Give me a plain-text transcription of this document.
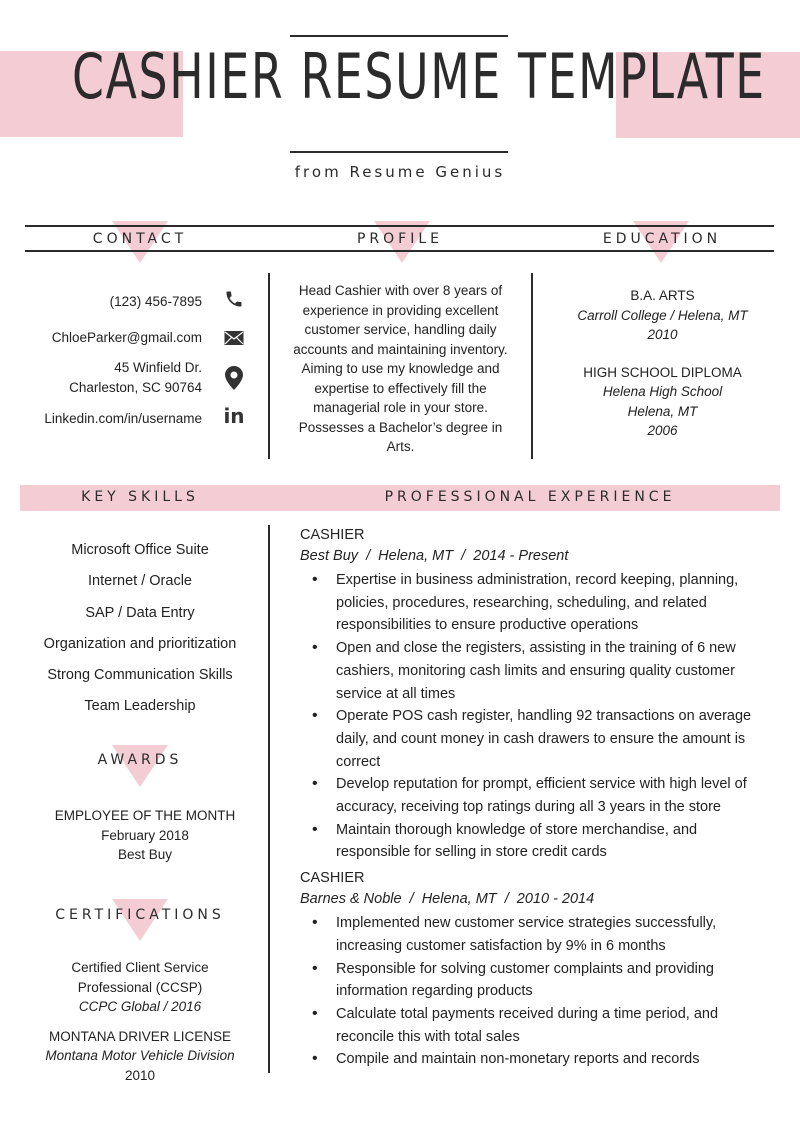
CASHIER RESUME TEMPLATE
from Resume Genius
CONTACT	PROFILE	EDUCATION
(123) 456-7895
ChloeParker@gmail.com
45 Winfield Dr.
Charleston, SC 90764
Linkedin.com/in/username in
Head Cashier with over 8 years of
experience in providing excellent
customer service, handling daily
accounts and maintaining inventory.
Aiming to use my knowledge and
expertise to effectively fill the
managerial role in your store.
Possesses a Bachelor’s degree in
Arts.
B.A. ARTS
Carroll College / Helena, MT
2010
HIGH SCHOOL DIPLOMA
Helena High School
Helena, MT
2006
KEY SKILLS	PROFESSIONAL EXPERIENCE
Microsoft Office Suite
Internet / Oracle
SAP / Data Entry
Organization and prioritization
Strong Communication Skills
Team Leadership
AWARDS
EMPLOYEE OF THE MONTH
February 2018
Best Buy
CERTIFICATIONS
Certified Client Service
Professional (CCSP)
CCPC Global / 2016
MONTANA DRIVER LICENSE
Montana Motor Vehicle Division
2010
CASHIER
Best Buy  /  Helena, MT  /  2014 - Present
• Expertise in business administration, record keeping, planning, policies, procedures, researching, scheduling, and related responsibilities to ensure productive operations
• Open and close the registers, assisting in the training of 6 new cashiers, monitoring cash limits and ensuring quality customer service at all times
• Operate POS cash register, handling 92 transactions on average daily, and count money in cash drawers to ensure the amount is correct
• Develop reputation for prompt, efficient service with high level of accuracy, receiving top ratings during all 3 years in the store
• Maintain thorough knowledge of store merchandise, and responsible for selling in store credit cards
CASHIER
Barnes & Noble  /  Helena, MT  /  2010 - 2014
• Implemented new customer service strategies successfully, increasing customer satisfaction by 9% in 6 months
• Responsible for solving customer complaints and providing information regarding products
• Calculate total payments received during a time period, and reconcile this with total sales
• Compile and maintain non-monetary reports and records
